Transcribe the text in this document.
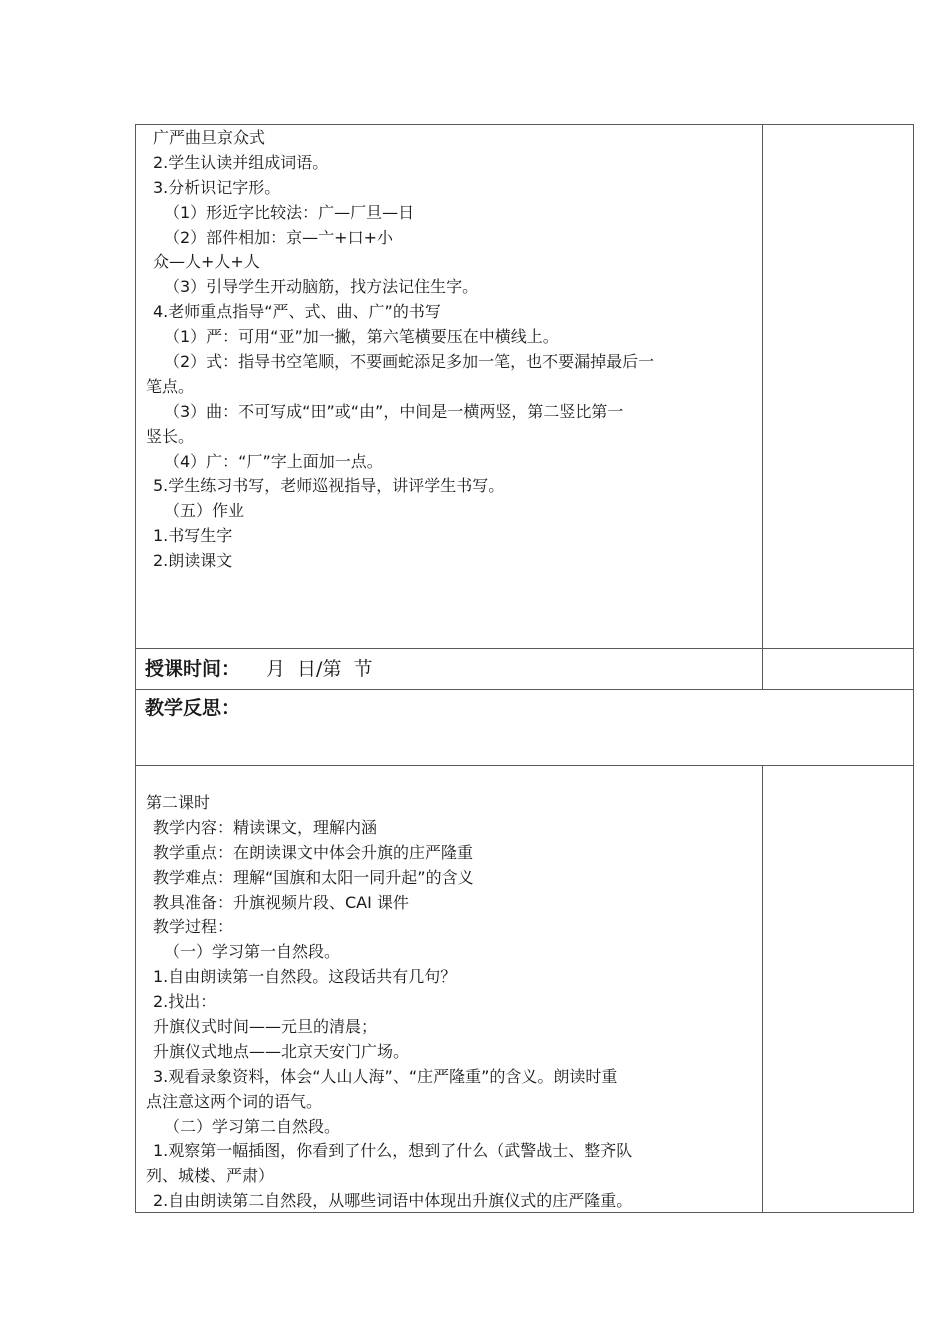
广严曲旦京众式
2.学生认读并组成词语。
3.分析识记字形。
（1）形近字比较法：广—厂旦—日
（2）部件相加：京—亠+口+小
众—人+人+人
（3）引导学生开动脑筋，找方法记住生字。
4.老师重点指导“严、式、曲、广”的书写
（1）严：可用“亚”加一撇，第六笔横要压在中横线上。
（2）式：指导书空笔顺，不要画蛇添足多加一笔，也不要漏掉最后一
笔点。
（3）曲：不可写成“田”或“由”，中间是一横两竖，第二竖比第一
竖长。
（4）广：“厂”字上面加一点。
5.学生练习书写，老师巡视指导，讲评学生书写。
（五）作业
1.书写生字
2.朗读课文
授课时间： 月 日/第 节
教学反思：
第二课时
教学内容：精读课文，理解内涵
教学重点：在朗读课文中体会升旗的庄严隆重
教学难点：理解“国旗和太阳一同升起”的含义
教具准备：升旗视频片段、CAI 课件
教学过程：
（一）学习第一自然段。
1.自由朗读第一自然段。这段话共有几句？
2.找出：
升旗仪式时间——元旦的清晨；
升旗仪式地点——北京天安门广场。
3.观看录象资料，体会“人山人海”、“庄严隆重”的含义。朗读时重
点注意这两个词的语气。
（二）学习第二自然段。
1.观察第一幅插图，你看到了什么，想到了什么（武警战士、整齐队
列、城楼、严肃）
2.自由朗读第二自然段，从哪些词语中体现出升旗仪式的庄严隆重。
